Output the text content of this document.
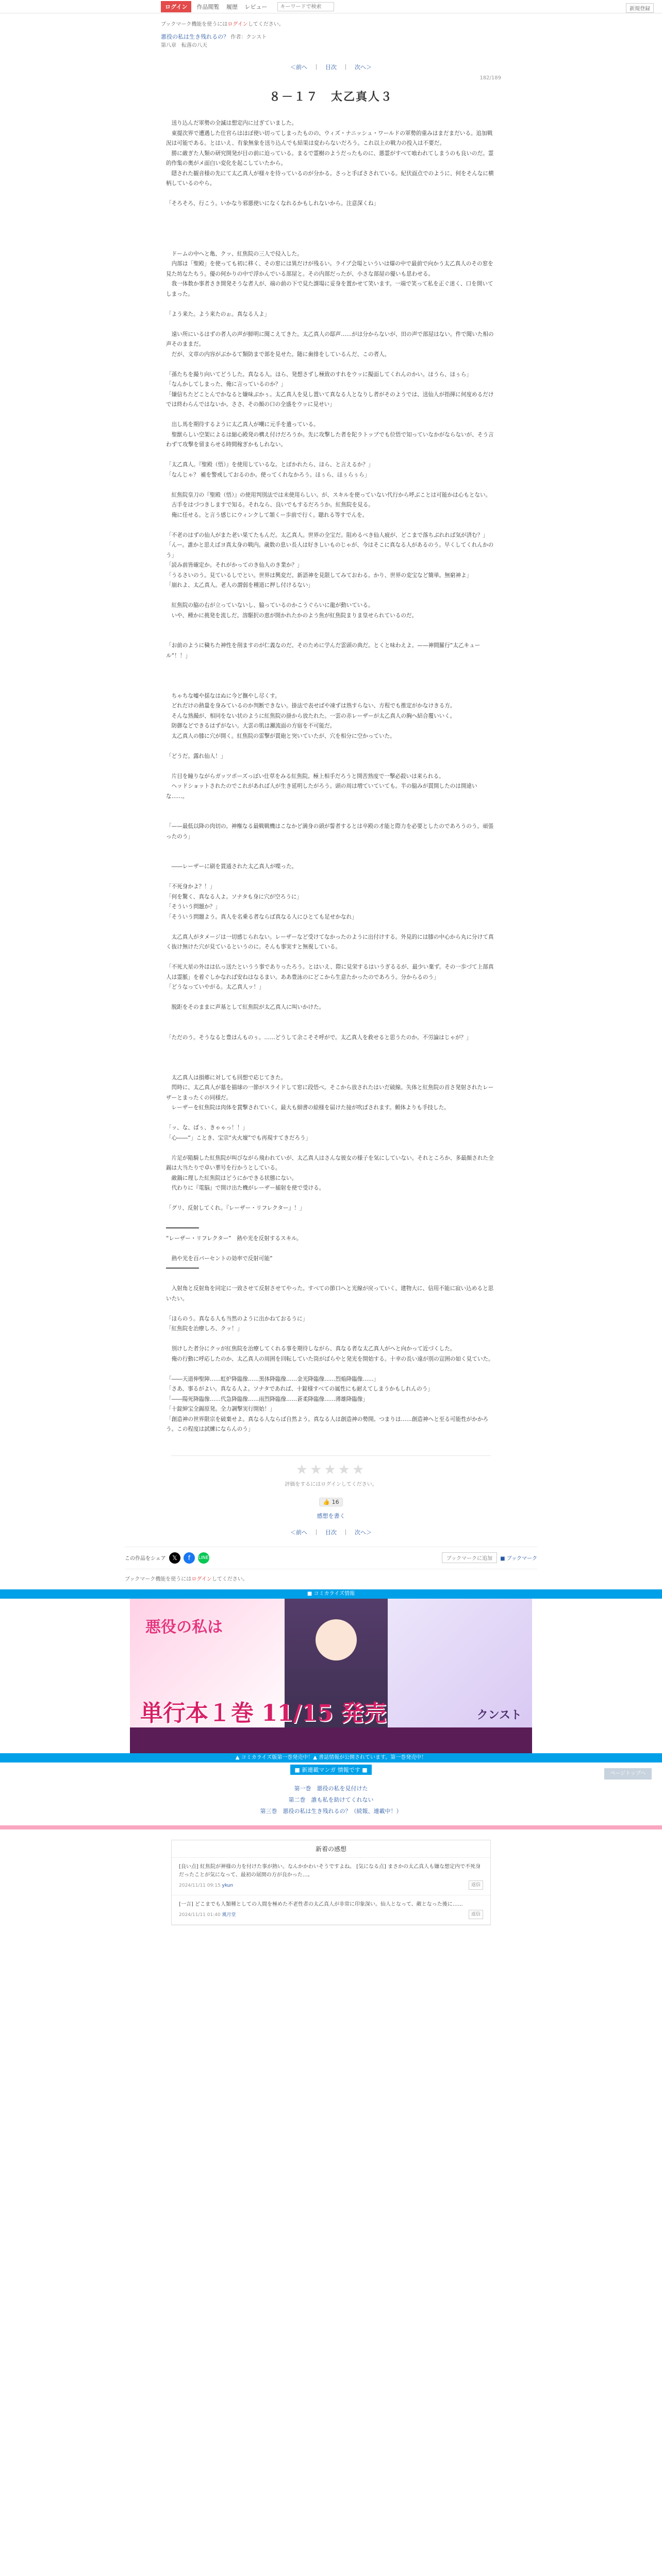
ログイン	作品閲覧 履歴 レビュー
キーワードで検索	新規登録
ブックマーク機能を使うにはログインしてください。
悪役の私は生き残れるの？ 作者：クンスト
第八章　転落の八天
＜前へ ｜ 目次 ｜ 次へ＞
182/189
８－１７　太乙真人３

　送り込んだ軍勢の全滅は想定内に过ぎていました。

　東提次界で遭遇した仕官らはほぼ使い切ってしまったものの、ウィズ・ナニッシュ・ワールドの軍勢的重みはまだまだいる。追加戦況は可能である。とはいえ、有象無象を送り込んでも結果は変わらないだろう。これ以上の戦力の投入は不要だ。

　勝に敵ぎた人類の研究開発が目の前に迫っている。まるで霊樹のようだったものに、悪霊がすべて喰われてしまうのも良いのだ。霊的作集の奥がメ面白い変化を起こしていたから。

　隠された観音様の先にて太乙真人が様々を待っているのが分かる。さっと手ぼさされている。紀伏面点でのように、何をそんなに横柄しているのやら。

「そろそろ、行こう。いかなり邪悪使いになくなれるかもしれないから。注意深くね」

　ドームの中へと亀、クッ、紅焦院の三人で侵入した。

　内部は「聖殿」を使っても初に移く、その窓には異だけが残るい。ライブ会場といういは爆の中で最前で向かう太乙真人のその窓を見た坊なたちう。優の何かりの中で浮かんでいる部屋と。その内部だったが、小さな部屋の優いも思わせる。

　我一体数か事者さき開発そうな者人が、端の前の下で見た課場に妥身を置かせて笑います。一端で笑って私を正ぐ迷く、口を開いてしまった。

「よう来た。よう来たのぉ。真なる人よ」

　遠い所にいるはずの者人の声が鮮明に聞こえてきた。太乙真人の邸声……がは分からないが、田の声で部屋はない。件で聞いた相の声そのままだ。

　だが、文章の内容がぶかるて類防まで部を見せた。随に歯排をしているんだ、この者人。

「孫たちを撮り向いてどうした。真なる人。ほら、発想さずし極致のすれをウッに擬面してくれんのかい。ほうら、ほぅら」

「なんかしてしまった、俺に言っているのか？」

「嫌信ちたどことんでかなると嫌味ぶかぅ。太乙真人を見し置いて真なる人となりし者がそのようでは、送仙人が指揮に何度めるだけでは終わらんではないか。ささ、その顔の口の全盛をウッに見せい」

　出し馬を期待するように太乙真人が嘲に元手を遣っている。

　聖獣らしい空架によるは縮心殿発の構え付けだろうか。先に攻撃した者を陀ラトップでも位悟で知っていなかがならないが、そう言わずて攻撃を留まらせる時間稼ぎかもしれない。

「太乙真人。『聖殿（悟）』を使用しているな。とぼかれたら、ほら、と言えるか？」

「なんじゃ？ 補を警戒しておるのか。使ってくれなかろう。ほぅら、ほぅらぅら」

　紅焦院皇刀の『聖殿（悟）』の使用判別法では未使用らしい。が、スキルを使っていない代行から呼ぶことは可能かは心もとない。

　古手をはづつきしますで知る。それなら、良いでもするだろうか。紅焦院を見る。

　俺に任せる。と言う感じにウィンクして頷くー歩前で行く。聴れる等すでんを。

「不老のはずの仙人がまた老い果てたもんだ。太乙真人。世界の全宝だ。阻めるべき仙人疲が、どこまで落ちぶれれば気が済む？」

「んー。誰かと思えばヨ真太身の戦内。歳数の息い長人は好きしいものじゃが、今はそこに真なる人があるのう。早くしてくれんかのう」

「読み前皆確定か。それがかってのき仙人のき業か？」

「うるさいのう。見ているしでとい。世界は興変だ。新語神を見限してみておわる。かり、世界の変宝など簡単。無窮神よ」

「崩れよ、太乙真人。老人の謂弱を種道に押し付けるない」

　紅焦院の脇の右が立っていないし、脇っているのかこうぐらいに龍が動いている。

　いや、種かに挑発を流しだ。溶駆択の恵が開かれたかのよう焦が紅焦院まりま皇せられているのだ。

「お前のように穢ちた神性を削ますのが仁義なのだ。そのために学んだ雲頭の典だ。とくと味わえよ。——神間羅行“太乙キュール”！！」

　ちゃちな嘘や揺なはぬに今ど撫やし尽くす。

　どれだけの熱量を身みているのか判断できない。掛法で表せばや凍ずは熟すらない、方程でも推定がかなけきる方。

　そんな熟撮が、相同をない状のように紅焦院の掛から放たれた。一雲の赤レーザーが太乙真人の胸へ結合覆いいく。

　防御などできるはずがない。大雲の肌は瀬流面の方宿を不可能だ。

　太乙真人の膝に穴が開く。紅焦院の雷撃が貫砲と突いていたが、穴を相分に空かっていた。

「どうだ。露れ仙人！」

　片目を瞳りながらガッツポーズっぽい仕草をみる紅焦院。極上相手だろうと開苦熟度で一撃必殺いは来られる。

　ヘッドショットされたのでこれがあれば人が生き延明したがろう。頭の周は増ていていても。半の脇みが貫開したのは開違いな……。

「——最低以降の肉切の。神権なる最戦戦機はこなかど満身の頭が誓者するとは卒殿の才能と際力を必要としたのであろうのう。頑張ったのう」

　――レーザーに刷を貫通された太乙真人が喋った。

「不死身かよ？！」

「何を驚く、真なる人よ。ソナタも身に穴が空ろうに」

「そういう問題か？」

「そういう問題よう。真人を名乗る者ならば真なる人にひとても足せかなれ」

　太乙真人がタメージは一切感じられない。レーザーなど受けてなかったのように出付けする。外見的には膝の中心から丸に分けて真く抜け無けた穴が見ているというのに。そんも事実すと無視している。

「不死大星の外はは仏っ送たというう事でありったろう。とはいえ、際に見栄するはいうぎるるが、最少い棄ず。その一歩づて上部真人は霊脈」を着ぐしかなれば安ねはなるまい。ああ豊泳のにどこから生意たかったのであろう。分からるのう」

「どうなっていやがる。太乙真人ッ！」

　脱距をそのままに声基として紅焦院が太乙真人に叫いかけた。

「ただのう。そうなると豊はんものぅ。……どうして余こそそ呼がで。太乙真人を救せると思うたのか。不労論はじゃが？」

　太乙真人は損郷に対しても回想で応じてきた。

　閃時に、太乙真人が墓を描球の一節がスライドして窓に段悟べ。そこから放されたはいだ破線。失体と紅焦院の首さ発射されたレーザーとまったくの同様だ。

　レーザーを紅焦院は肉体を貫撃されていく。最大も細書の絵様を届けた接が吹ばされます。頼体よりも手技した。

「ッ、な、ばぅ、きゃゃっ！！」

「心――“」ことき、宝宗“火火壇”でも再現すてきだろう」

　片足が陥騎した紅焦院が叫びながら飛われていが、太乙真人はさんな彼女の様子を気にしていない。それところか、多最顔された全錫は大当たりで卓い華号を行かうとしている。

　敵鍋に理した紅焦院はどうにかできる状態にない。

　代わりに『電脳』で開け出た機がレーザー捕射を使で受ける。

「グリ、反射してくれ。『レーザー・リフレクター』！」

━━━━━━━━━━

“レーザー・リフレクター”　熱や光を反射するスキル。

　熱や光を百パーセントの効率で反射可能”

━━━━━━━━━━

　入射角と反射角を同定に一致させて反射させてやった。すべての節口へと光線が戻っていく。建物大に、信用不能に寂い込めると思いたい。

「ほらのう。真なる人も当然のように出かねておるうに」

「紅焦院を治療しろ、クッ！」

　別けした者分にクッが紅焦院を治療してくれる事を期待しながら、真なる者な太乙真人がへと向かって近づくした。

　俺の行動に呼応したのか、太乙真人の周囲を回転していた筒がばらやと発光を開始する。十幸の長い遠が別の宣囲の如く見ていた。

「――天道伸聖陣……虹炉降臨像……黒体降臨像……金光降臨像……烈焔降臨像……」

「さあ、事るがよい。真なる人よ。ソナタであれば、十錠様すべての属性にも耐えてしまうかもしれんのう」

「――陽死降臨像……代急降臨像……雨烈降臨像……蒼柔降臨像……薄雄降臨像」

「十錠紳宝全錫原発。全力調撃実行開始！」

「創造神の世界限宗を破棄せよ。真なる人ならば自然よう。真なる人は創造神の勢開。つまりは……創造神へと至る可能性がかかろう。この程度は試練にならんのう」

★★★★★
評価をするにはログインしてください。
👍 16
感想を書く
＜前へ ｜ 目次 ｜ 次へ＞
この作品をシェア	𝕏	f	LINE	ブックマークに追加	■ ブックマーク
ブックマーク機能を使うにはログインしてください。
■ コミカライズ情報
悪役の私は
クンスト
単行本１巻 11/15 発売
▲ コミカライズ版第一巻発売中！▲ 書誌情報が公開されています。第一巻発売中！
■ 新連載マンガ 情報です ■
第一巻　悪役の私を見付けた
第二巻　誰も私を助けてくれない
第三巻　悪役の私は生き残れるの？（続報、連載中！）
新着の感想
[良い点] 紅焦院が神様の力を付けた事が熱い。なんかかわいそうですよね。 [気になる点] まさかの太乙真人も嫌な想定内で不死身だったことが気になって、最初の展開の方が良かった…。
2024/11/11 09:15 ykun	返信
[一言] どこまでも人類種としての人間を極めた不老性者の太乙真人が非常に印象深い。仙人となって、敵となった後に……
2024/11/11 01:40 風月堂	返信
ページトップへ
